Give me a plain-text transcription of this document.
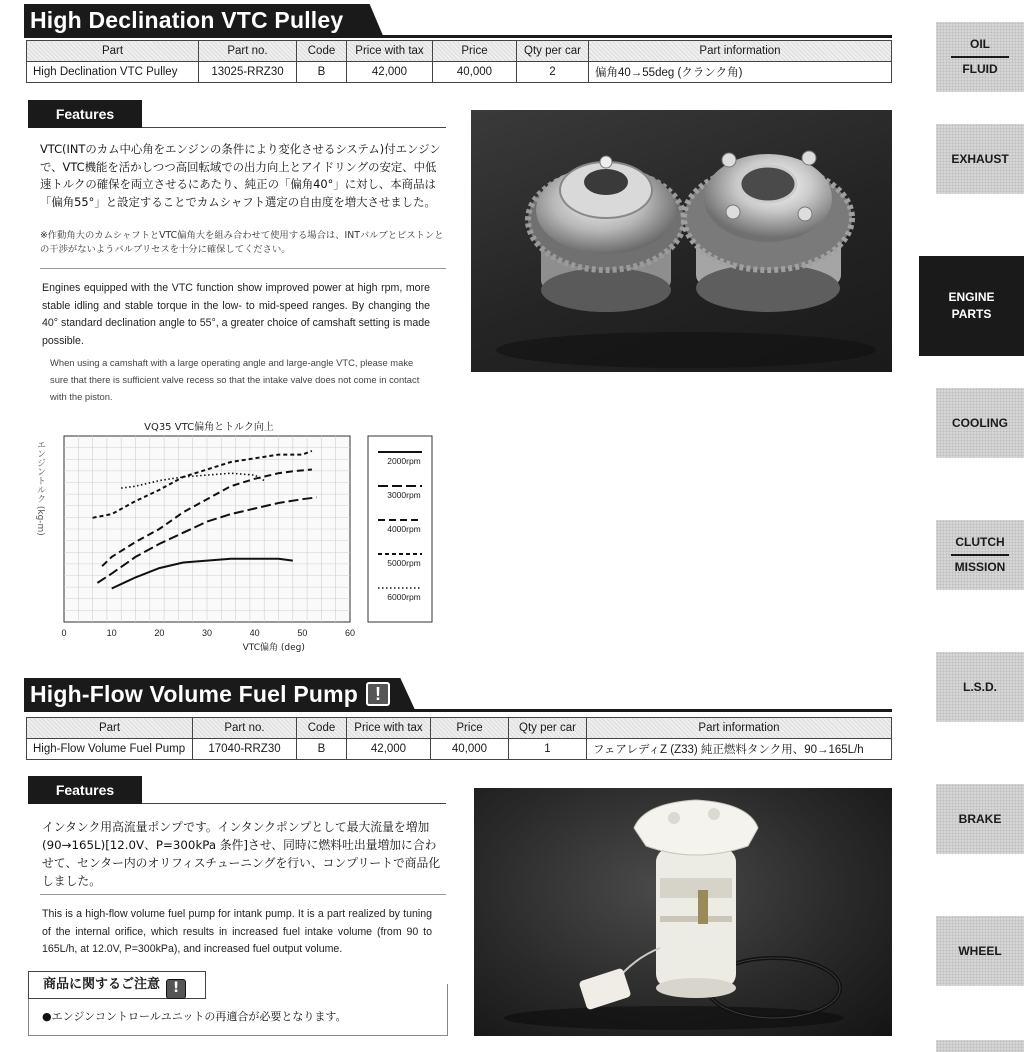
High Declination VTC Pulley
Part	Part no.	Code	Price with tax	Price	Qty per car	Part information
High Declination VTC Pulley	13025-RRZ30	B	42,000	40,000	2	偏角40→55deg (クランク角)
Features
VTC(INTのカム中心角をエンジンの条件により変化させるシステム)付エンジンで、VTC機能を活かしつつ高回転域での出力向上とアイドリングの安定、中低速トルクの確保を両立させるにあたり、純正の「偏角40°」に対し、本商品は「偏角55°」と設定することでカムシャフト選定の自由度を増大させました。
※作動角大のカムシャフトとVTC偏角大を組み合わせて使用する場合は、INTバルブとピストンとの干渉がないようバルブリセスを十分に確保してください。
Engines equipped with the VTC function show improved power at high rpm, more stable idling and stable torque in the low- to mid-speed ranges. By changing the 40° standard declination angle to 55°, a greater choice of camshaft setting is made possible.
When using a camshaft with a large operating angle and large-angle VTC, please make sure that there is sufficient valve recess so that the intake valve does not come in contact with the piston.
VQ35 VTC偏角とトルク向上
0	10	20	30	40	50	60
VTC偏角 (deg)
エンジントルク (kg-m)	2000rpm
3000rpm
4000rpm
5000rpm
6000rpm
High-Flow Volume Fuel Pump !
Part	Part no.	Code	Price with tax	Price	Qty per car	Part information
High-Flow Volume Fuel Pump	17040-RRZ30	B	42,000	40,000	1	フェアレディZ (Z33) 純正燃料タンク用、90→165L/h
Features
インタンク用高流量ポンプです。インタンクポンプとして最大流量を増加(90→165L)[12.0V、P=300kPa 条件]させ、同時に燃料吐出量増加に合わせて、センター内のオリフィスチューニングを行い、コンプリートで商品化しました。
This is a high-flow volume fuel pump for intank pump. It is a part realized by tuning of the internal orifice, which results in increased fuel intake volume (from 90 to 165L/h, at 12.0V, P=300kPa), and increased fuel output volume.
商品に関するご注意 !
●エンジンコントロールユニットの再適合が必要となります。
OIL
FLUID
EXHAUST
ENGINE
PARTS
COOLING
CLUTCH
MISSION
L.S.D.
BRAKE
WHEEL
